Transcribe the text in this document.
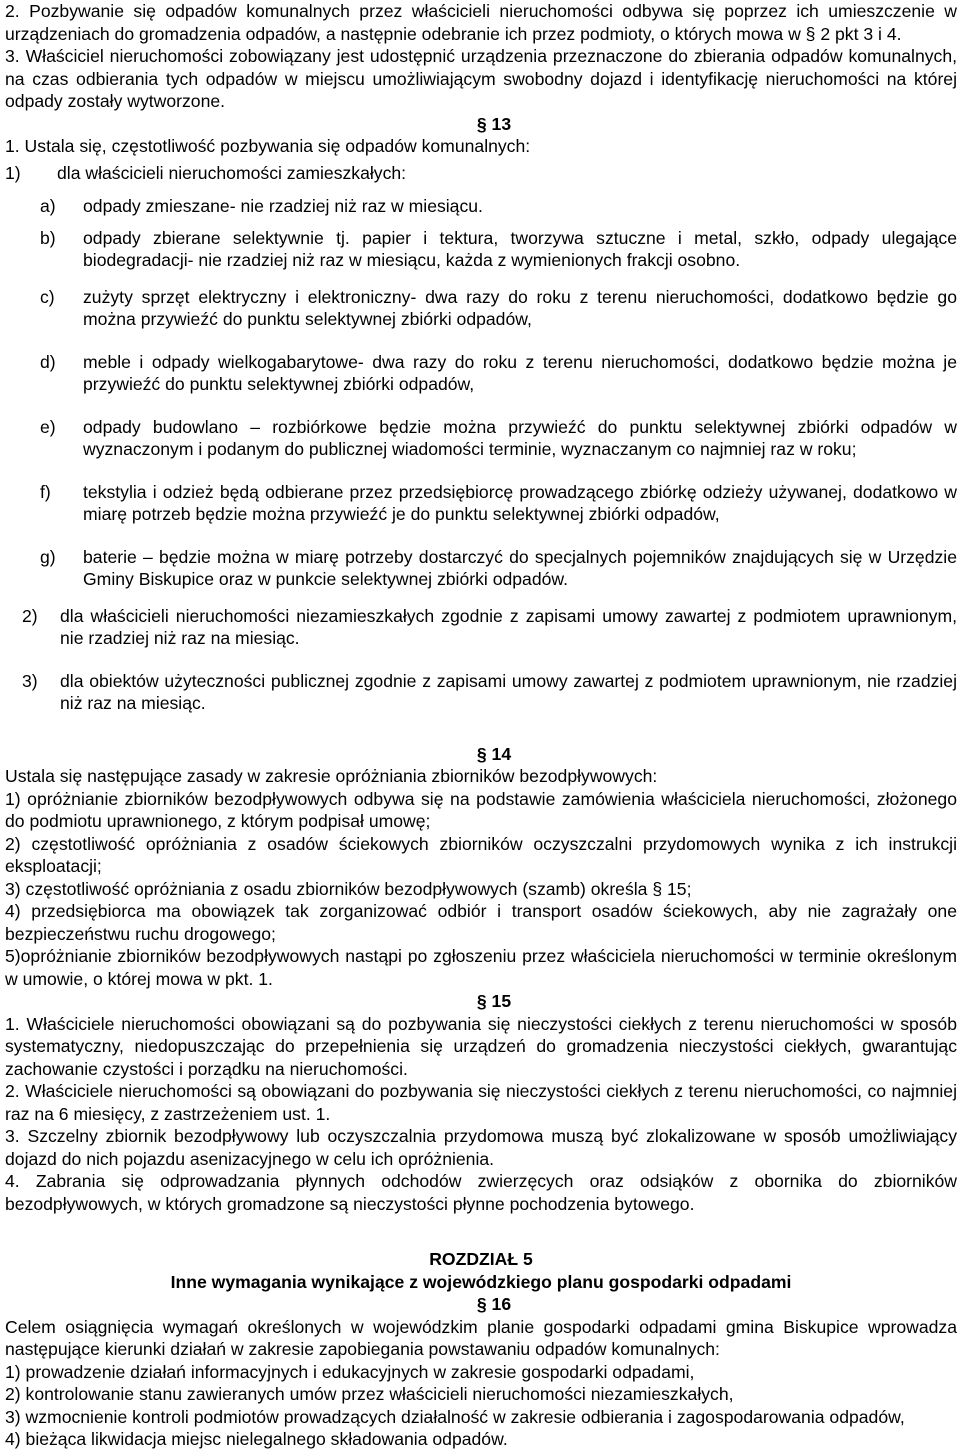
2. Pozbywanie się odpadów komunalnych przez właścicieli nieruchomości odbywa się poprzez ich umieszczenie w urządzeniach do gromadzenia odpadów, a następnie odebranie ich przez podmioty, o których mowa w § 2 pkt 3 i 4.

3. Właściciel nieruchomości zobowiązany jest udostępnić urządzenia przeznaczone do zbierania odpadów komunalnych, na czas odbierania tych odpadów w miejscu umożliwiającym swobodny dojazd i identyfikację nieruchomości na której odpady zostały wytworzone.

§ 13

1. Ustala się, częstotliwość pozbywania się odpadów komunalnych:

1)	dla właścicieli nieruchomości zamieszkałych:
a)	odpady zmieszane- nie rzadziej niż raz w miesiącu.
b)	odpady zbierane selektywnie tj. papier i tektura, tworzywa sztuczne i metal, szkło, odpady ulegające biodegradacji- nie rzadziej niż raz w miesiącu, każda z wymienionych frakcji osobno.
c)	zużyty sprzęt elektryczny i elektroniczny- dwa razy do roku z terenu nieruchomości, dodatkowo będzie go można przywieźć do punktu selektywnej zbiórki odpadów,
d)	meble i odpady wielkogabarytowe- dwa razy do roku z terenu nieruchomości, dodatkowo będzie można je przywieźć do punktu selektywnej zbiórki odpadów,
e)	odpady budowlano – rozbiórkowe będzie można przywieźć do punktu selektywnej zbiórki odpadów w wyznaczonym i podanym do publicznej wiadomości terminie, wyznaczanym co najmniej raz w roku;
f)	tekstylia i odzież będą odbierane przez przedsiębiorcę prowadzącego zbiórkę odzieży używanej, dodatkowo w miarę potrzeb będzie można przywieźć je do punktu selektywnej zbiórki odpadów,
g)	baterie – będzie można w miarę potrzeby dostarczyć do specjalnych pojemników znajdujących się w Urzędzie Gminy Biskupice oraz w punkcie selektywnej zbiórki odpadów.
2)	dla właścicieli nieruchomości niezamieszkałych zgodnie z zapisami umowy zawartej z podmiotem uprawnionym, nie rzadziej niż raz na miesiąc.
3)	dla obiektów użyteczności publicznej zgodnie z zapisami umowy zawartej z podmiotem uprawnionym, nie rzadziej niż raz na miesiąc.

§ 14

Ustala się następujące zasady w zakresie opróżniania zbiorników bezodpływowych:

1) opróżnianie zbiorników bezodpływowych odbywa się na podstawie zamówienia właściciela nieruchomości, złożonego do podmiotu uprawnionego, z którym podpisał umowę;

2) częstotliwość opróżniania z osadów ściekowych zbiorników oczyszczalni przydomowych wynika z ich instrukcji eksploatacji;

3) częstotliwość opróżniania z osadu zbiorników bezodpływowych (szamb) określa § 15;

4) przedsiębiorca ma obowiązek tak zorganizować odbiór i transport osadów ściekowych, aby nie zagrażały one bezpieczeństwu ruchu drogowego;

5)opróżnianie zbiorników bezodpływowych nastąpi po zgłoszeniu przez właściciela nieruchomości w terminie określonym w umowie, o której mowa w pkt. 1.

§ 15

1. Właściciele nieruchomości obowiązani są do pozbywania się nieczystości ciekłych z terenu nieruchomości w sposób systematyczny, niedopuszczając do przepełnienia się urządzeń do gromadzenia nieczystości ciekłych, gwarantując zachowanie czystości i porządku na nieruchomości.

2. Właściciele nieruchomości są obowiązani do pozbywania się nieczystości ciekłych z terenu nieruchomości, co najmniej raz na 6 miesięcy, z zastrzeżeniem ust. 1.

3. Szczelny zbiornik bezodpływowy lub oczyszczalnia przydomowa muszą być zlokalizowane w sposób umożliwiający dojazd do nich pojazdu asenizacyjnego w celu ich opróżnienia.

4. Zabrania się odprowadzania płynnych odchodów zwierzęcych oraz odsiąków z obornika do zbiorników bezodpływowych, w których gromadzone są nieczystości płynne pochodzenia bytowego.

ROZDZIAŁ 5

Inne wymagania wynikające z wojewódzkiego planu gospodarki odpadami

§ 16

Celem osiągnięcia wymagań określonych w wojewódzkim planie gospodarki odpadami gmina Biskupice wprowadza następujące kierunki działań w zakresie zapobiegania powstawaniu odpadów komunalnych:

1) prowadzenie działań informacyjnych i edukacyjnych w zakresie gospodarki odpadami,

2) kontrolowanie stanu zawieranych umów przez właścicieli nieruchomości niezamieszkałych,

3) wzmocnienie kontroli podmiotów prowadzących działalność w zakresie odbierania i zagospodarowania odpadów,

4) bieżąca likwidacja miejsc nielegalnego składowania odpadów.
